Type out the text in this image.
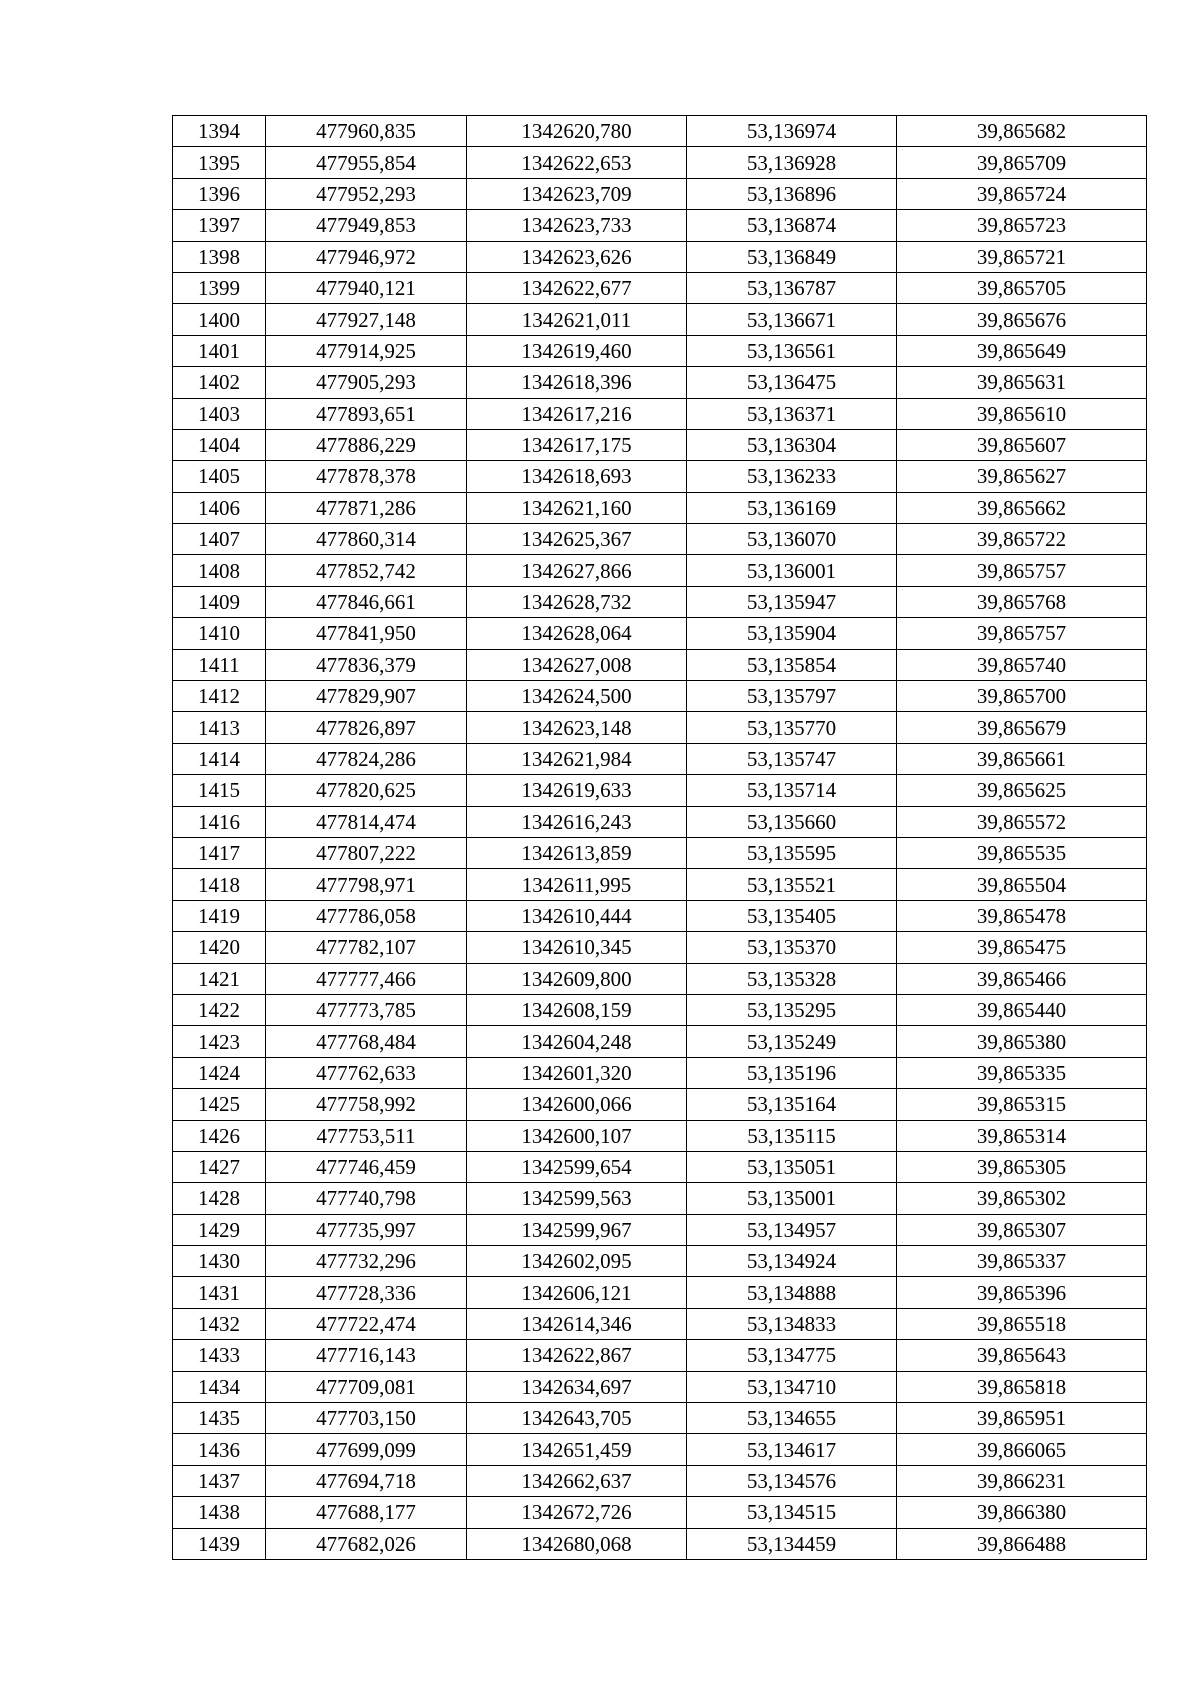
1394	477960,835	1342620,780	53,136974	39,865682
1395	477955,854	1342622,653	53,136928	39,865709
1396	477952,293	1342623,709	53,136896	39,865724
1397	477949,853	1342623,733	53,136874	39,865723
1398	477946,972	1342623,626	53,136849	39,865721
1399	477940,121	1342622,677	53,136787	39,865705
1400	477927,148	1342621,011	53,136671	39,865676
1401	477914,925	1342619,460	53,136561	39,865649
1402	477905,293	1342618,396	53,136475	39,865631
1403	477893,651	1342617,216	53,136371	39,865610
1404	477886,229	1342617,175	53,136304	39,865607
1405	477878,378	1342618,693	53,136233	39,865627
1406	477871,286	1342621,160	53,136169	39,865662
1407	477860,314	1342625,367	53,136070	39,865722
1408	477852,742	1342627,866	53,136001	39,865757
1409	477846,661	1342628,732	53,135947	39,865768
1410	477841,950	1342628,064	53,135904	39,865757
1411	477836,379	1342627,008	53,135854	39,865740
1412	477829,907	1342624,500	53,135797	39,865700
1413	477826,897	1342623,148	53,135770	39,865679
1414	477824,286	1342621,984	53,135747	39,865661
1415	477820,625	1342619,633	53,135714	39,865625
1416	477814,474	1342616,243	53,135660	39,865572
1417	477807,222	1342613,859	53,135595	39,865535
1418	477798,971	1342611,995	53,135521	39,865504
1419	477786,058	1342610,444	53,135405	39,865478
1420	477782,107	1342610,345	53,135370	39,865475
1421	477777,466	1342609,800	53,135328	39,865466
1422	477773,785	1342608,159	53,135295	39,865440
1423	477768,484	1342604,248	53,135249	39,865380
1424	477762,633	1342601,320	53,135196	39,865335
1425	477758,992	1342600,066	53,135164	39,865315
1426	477753,511	1342600,107	53,135115	39,865314
1427	477746,459	1342599,654	53,135051	39,865305
1428	477740,798	1342599,563	53,135001	39,865302
1429	477735,997	1342599,967	53,134957	39,865307
1430	477732,296	1342602,095	53,134924	39,865337
1431	477728,336	1342606,121	53,134888	39,865396
1432	477722,474	1342614,346	53,134833	39,865518
1433	477716,143	1342622,867	53,134775	39,865643
1434	477709,081	1342634,697	53,134710	39,865818
1435	477703,150	1342643,705	53,134655	39,865951
1436	477699,099	1342651,459	53,134617	39,866065
1437	477694,718	1342662,637	53,134576	39,866231
1438	477688,177	1342672,726	53,134515	39,866380
1439	477682,026	1342680,068	53,134459	39,866488
